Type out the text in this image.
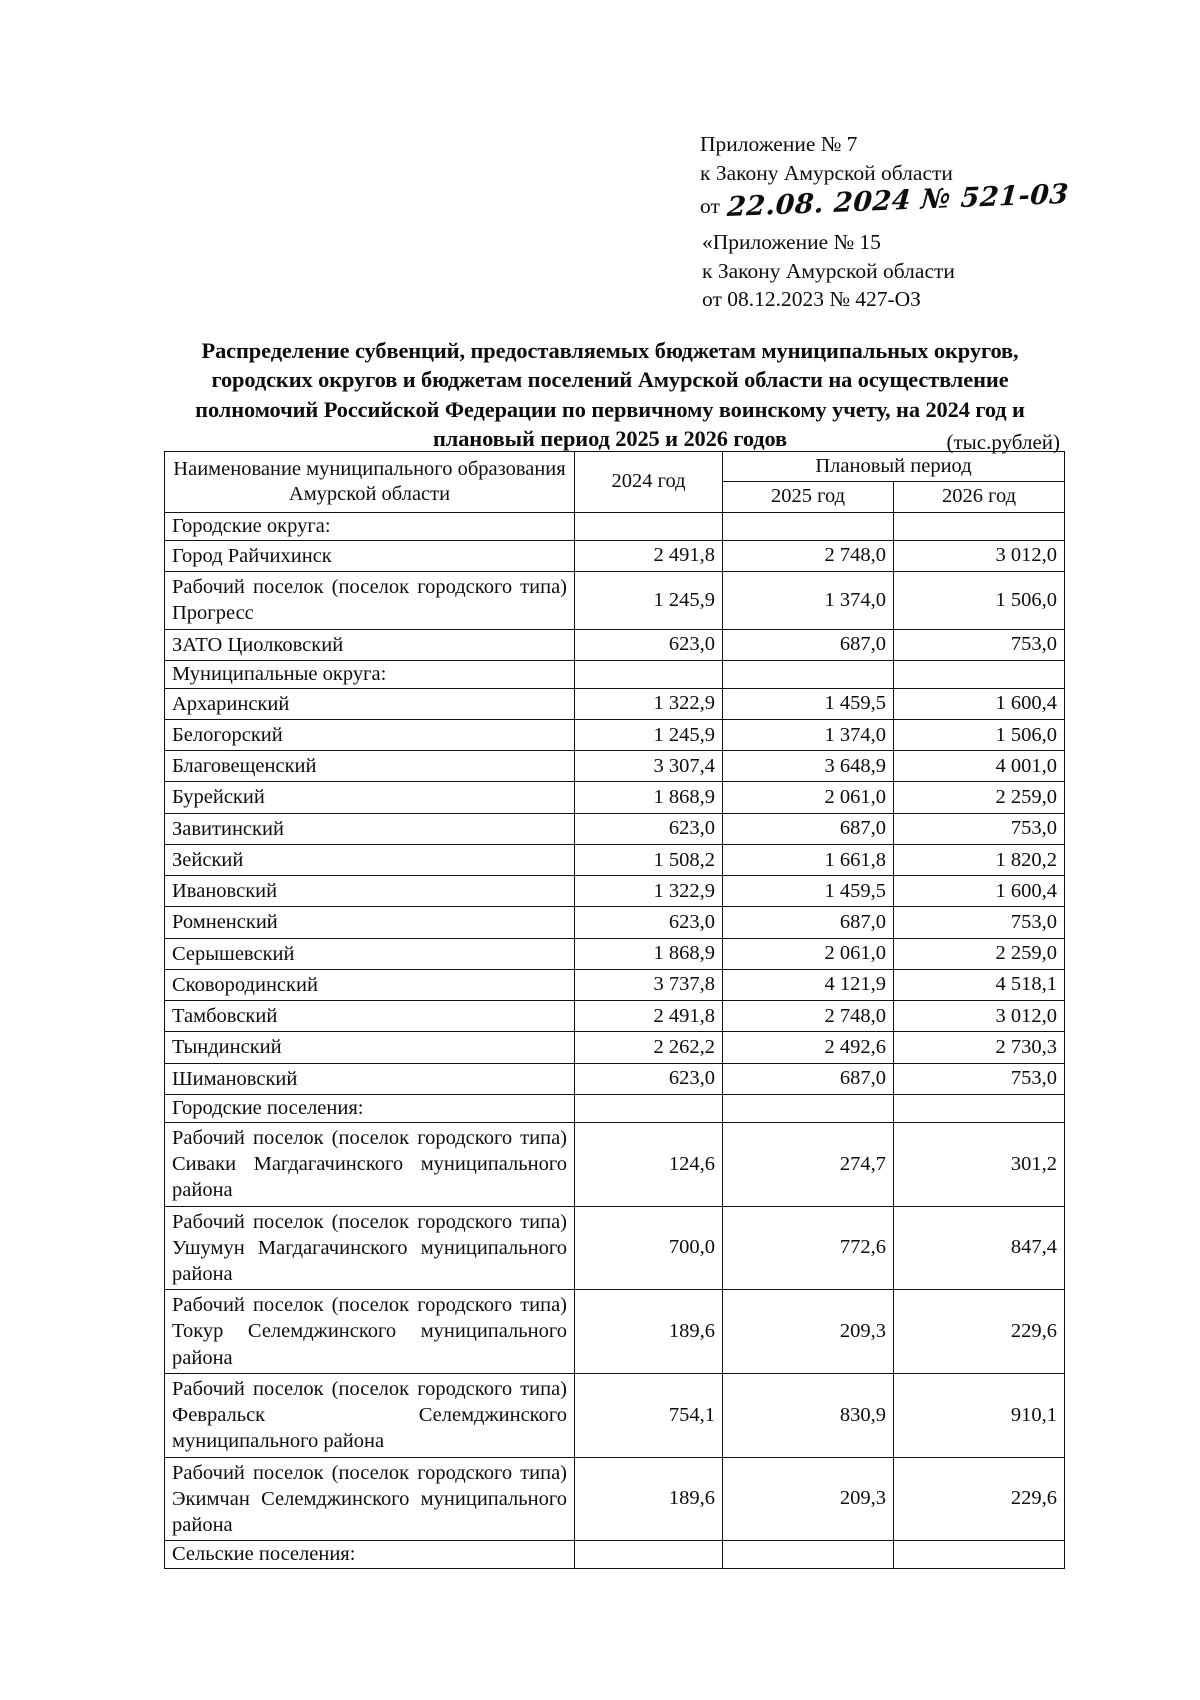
Приложение № 7
к Закону Амурской области
от 22.08. 2024 № 521-03
«Приложение № 15
к Закону Амурской области
от 08.12.2023 № 427-ОЗ
Распределение субвенций, предоставляемых бюджетам муниципальных округов, городских округов и бюджетам поселений Амурской области на осуществление полномочий Российской Федерации по первичному воинскому учету, на 2024 год и плановый период 2025 и 2026 годов	(тыс.рублей)
Наименование муниципального образования Амурской области	2024 год	Плановый период	
		2025 год	2026 год
Городские округа:			
Город Райчихинск	2 491,8	2 748,0	3 012,0
Рабочий поселок (поселок городского типа) Прогресс	1 245,9	1 374,0	1 506,0
ЗАТО Циолковский	623,0	687,0	753,0
Муниципальные округа:			
Архаринский	1 322,9	1 459,5	1 600,4
Белогорский	1 245,9	1 374,0	1 506,0
Благовещенский	3 307,4	3 648,9	4 001,0
Бурейский	1 868,9	2 061,0	2 259,0
Завитинский	623,0	687,0	753,0
Зейский	1 508,2	1 661,8	1 820,2
Ивановский	1 322,9	1 459,5	1 600,4
Ромненский	623,0	687,0	753,0
Серышевский	1 868,9	2 061,0	2 259,0
Сковородинский	3 737,8	4 121,9	4 518,1
Тамбовский	2 491,8	2 748,0	3 012,0
Тындинский	2 262,2	2 492,6	2 730,3
Шимановский	623,0	687,0	753,0
Городские поселения:			
Рабочий поселок (поселок городского типа) Сиваки Магдагачинского муниципального района	124,6	274,7	301,2
Рабочий поселок (поселок городского типа) Ушумун Магдагачинского муниципального района	700,0	772,6	847,4
Рабочий поселок (поселок городского типа) Токур Селемджинского муниципального района	189,6	209,3	229,6
Рабочий поселок (поселок городского типа) Февральск Селемджинского муниципального района	754,1	830,9	910,1
Рабочий поселок (поселок городского типа) Экимчан Селемджинского муниципального района	189,6	209,3	229,6
Сельские поселения:			
